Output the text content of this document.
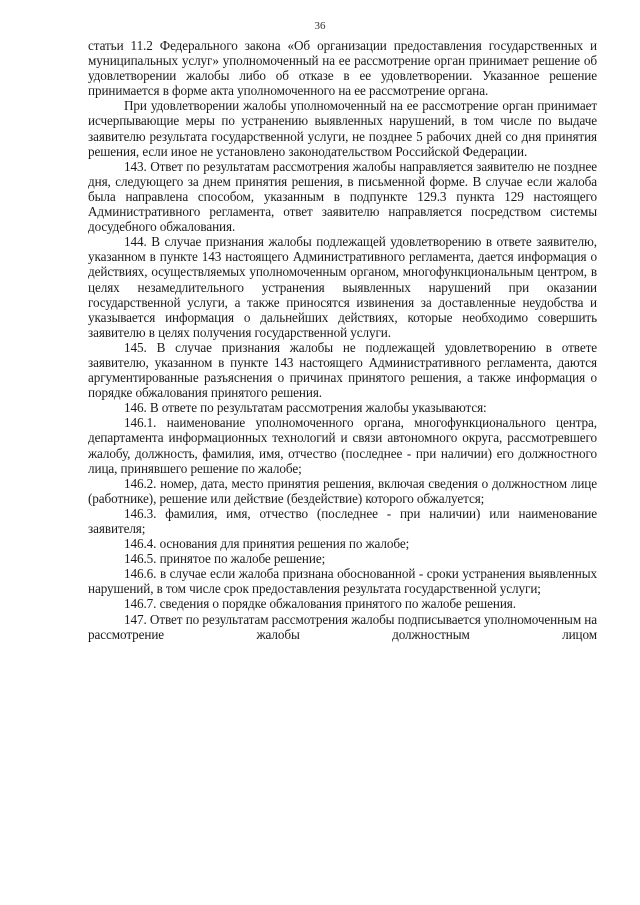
36

статьи 11.2 Федерального закона «Об организации предоставления государственных и муниципальных услуг» уполномоченный на ее рассмотрение орган принимает решение об удовлетворении жалобы либо об отказе в ее удовлетворении. Указанное решение принимается в форме акта уполномоченного на ее рассмотрение органа.

При удовлетворении жалобы уполномоченный на ее рассмотрение орган принимает исчерпывающие меры по устранению выявленных нарушений, в том числе по выдаче заявителю результата государственной услуги, не позднее 5 рабочих дней со дня принятия решения, если иное не установлено законодательством Российской Федерации.

143. Ответ по результатам рассмотрения жалобы направляется заявителю не позднее дня, следующего за днем принятия решения, в письменной форме. В случае если жалоба была направлена способом, указанным в подпункте 129.3 пункта 129 настоящего Административного регламента, ответ заявителю направляется посредством системы досудебного обжалования.

144. В случае признания жалобы подлежащей удовлетворению в ответе заявителю, указанном в пункте 143 настоящего Административного регламента, дается информация о действиях, осуществляемых уполномоченным органом, многофункциональным центром, в целях незамедлительного устранения выявленных нарушений при оказании государственной услуги, а также приносятся извинения за доставленные неудобства и указывается информация о дальнейших действиях, которые необходимо совершить заявителю в целях получения государственной услуги.

145. В случае признания жалобы не подлежащей удовлетворению в ответе заявителю, указанном в пункте 143 настоящего Административного регламента, даются аргументированные разъяснения о причинах принятого решения, а также информация о порядке обжалования принятого решения.

146. В ответе по результатам рассмотрения жалобы указываются:

146.1. наименование уполномоченного органа, многофункционального центра, департамента информационных технологий и связи автономного округа, рассмотревшего жалобу, должность, фамилия, имя, отчество (последнее - при наличии) его должностного лица, принявшего решение по жалобе;

146.2. номер, дата, место принятия решения, включая сведения о должностном лице (работнике), решение или действие (бездействие) которого обжалуется;

146.3. фамилия, имя, отчество (последнее - при наличии) или наименование заявителя;

146.4. основания для принятия решения по жалобе;

146.5. принятое по жалобе решение;

146.6. в случае если жалоба признана обоснованной - сроки устранения выявленных нарушений, в том числе срок предоставления результата государственной услуги;

146.7. сведения о порядке обжалования принятого по жалобе решения.

147. Ответ по результатам рассмотрения жалобы подписывается уполномоченным на рассмотрение жалобы должностным лицом
